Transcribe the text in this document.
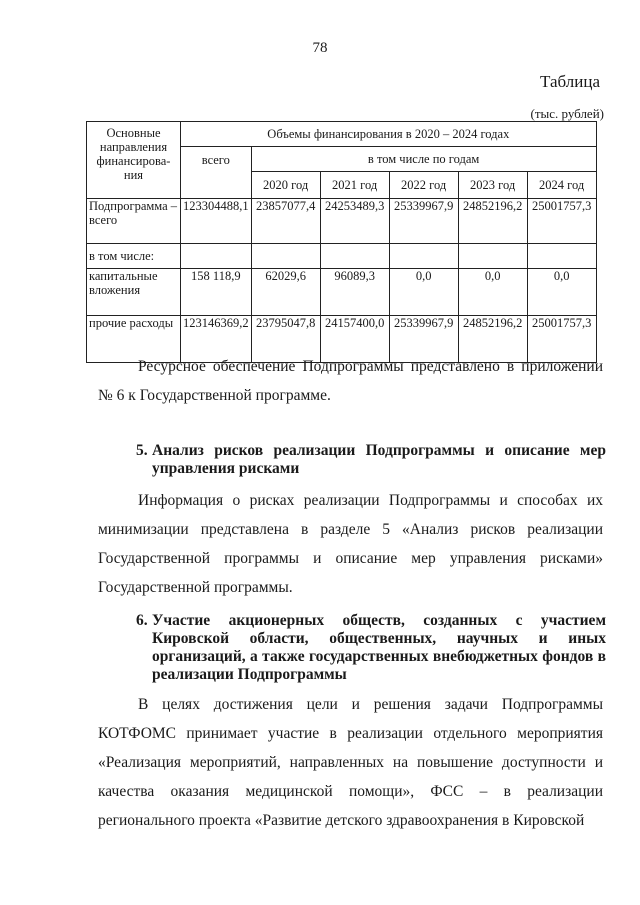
78
Таблица
(тыс. рублей)
Основные направления финансирова-ния	Объемы финансирования в 2020 – 2024 годах					
	всего	в том числе по годам				
		2020 год	2021 год	2022 год	2023 год	2024 год
Подпрограмма – всего	123304488,1	23857077,4	24253489,3	25339967,9	24852196,2	25001757,3
в том числе:						
капитальные вложения	158 118,9	62029,6	96089,3	0,0	0,0	0,0
прочие расходы	123146369,2	23795047,8	24157400,0	25339967,9	24852196,2	25001757,3

Ресурсное обеспечение Подпрограммы представлено в приложении № 6 к Государственной программе.

5. Анализ рисков реализации Подпрограммы и описание мер управления рисками

Информация о рисках реализации Подпрограммы и способах их минимизации представлена в разделе 5 «Анализ рисков реализации Государственной программы и описание мер управления рисками» Государственной программы.

6. Участие акционерных обществ, созданных с участием Кировской области, общественных, научных и иных организаций, а также государственных внебюджетных фондов в реализации Подпрограммы

В целях достижения цели и решения задачи Подпрограммы КОТФОМС принимает участие в реализации отдельного мероприятия «Реализация мероприятий, направленных на повышение доступности и качества оказания медицинской помощи», ФСС – в реализации регионального проекта «Развитие детского здравоохранения в Кировской
